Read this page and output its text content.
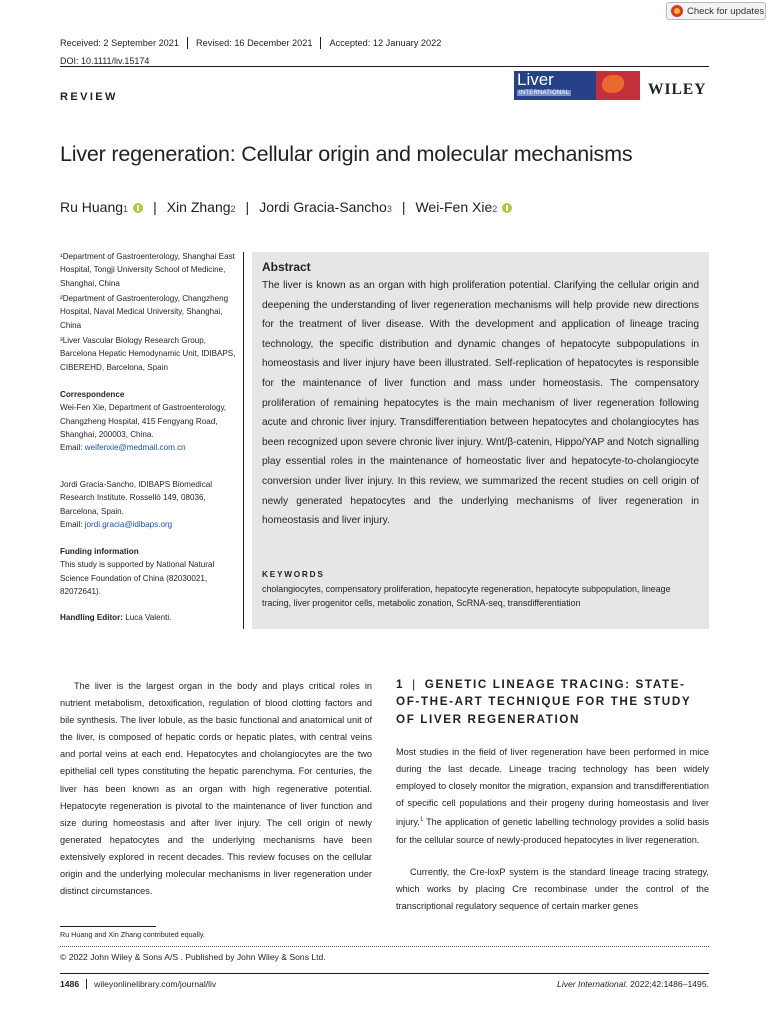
Check for updates
Received: 2 September 2021	Revised: 16 December 2021	Accepted: 12 January 2022
DOI: 10.1111/liv.15174
REVIEW
Liver
INTERNATIONAL	WILEY
Liver regeneration: Cellular origin and molecular mechanisms
Ru Huang 1 | Xin Zhang 2 | Jordi Gracia-Sancho 3 | Wei-Fen Xie 2
¹Department of Gastroenterology, Shanghai East Hospital, Tongji University School of Medicine, Shanghai, China
²Department of Gastroenterology, Changzheng Hospital, Naval Medical University, Shanghai, China
³Liver Vascular Biology Research Group, Barcelona Hepatic Hemodynamic Unit, IDIBAPS, CIBEREHD, Barcelona, Spain
Correspondence
Wei-Fen Xie, Department of Gastroenterology, Changzheng Hospital, 415 Fengyang Road, Shanghai, 200003, China.
Email: weifenxie@medmail.com.cn
Jordi Gracia-Sancho, IDIBAPS Biomedical Research Institute. Rosselló 149, 08036, Barcelona, Spain.
Email: jordi.gracia@idibaps.org
Funding information
This study is supported by National Natural Science Foundation of China (82030021, 82072641).
Handling Editor: Luca Valenti.
Abstract
The liver is known as an organ with high proliferation potential. Clarifying the cellular origin and deepening the understanding of liver regeneration mechanisms will help provide new directions for the treatment of liver disease. With the development and application of lineage tracing technology, the specific distribution and dynamic changes of hepatocyte subpopulations in homeostasis and liver injury have been illustrated. Self-replication of hepatocytes is responsible for the maintenance of liver function and mass under homeostasis. The compensatory proliferation of remaining hepatocytes is the main mechanism of liver regeneration following acute and chronic liver injury. Transdifferentiation between hepatocytes and cholangiocytes has been recognized upon severe chronic liver injury. Wnt/β-catenin, Hippo/YAP and Notch signalling play essential roles in the maintenance of homeostatic liver and hepatocyte-to-cholangiocyte conversion under liver injury. In this review, we summarized the recent studies on cell origin of newly generated hepatocytes and the underlying mechanisms of liver regeneration in homeostasis and liver injury.
KEYWORDS
cholangiocytes, compensatory proliferation, hepatocyte regeneration, hepatocyte subpopulation, lineage tracing, liver progenitor cells, metabolic zonation, ScRNA-seq, transdifferentiation
The liver is the largest organ in the body and plays critical roles in nutrient metabolism, detoxification, regulation of blood clotting factors and bile synthesis. The liver lobule, as the basic functional and anatomical unit of the liver, is composed of hepatic cords or hepatic plates, with central veins and portal veins at each end. Hepatocytes and cholangiocytes are the two epithelial cell types constituting the hepatic parenchyma. For centuries, the liver has been known as an organ with high regenerative potential. Hepatocyte regeneration is pivotal to the maintenance of liver function and size during homeostasis and after liver injury. The cell origin of newly generated hepatocytes and the underlying mechanisms have been extensively explored in recent decades. This review focuses on the cellular origin and the underlying molecular mechanisms in liver regeneration under distinct circumstances.
1 | GENETIC LINEAGE TRACING: STATE-OF-THE-ART TECHNIQUE FOR THE STUDY OF LIVER REGENERATION
Most studies in the field of liver regeneration have been performed in mice during the last decade. Lineage tracing technology has been widely employed to closely monitor the migration, expansion and transdifferentiation of specific cell populations and their progeny during homeostasis and liver injury.$^1$ The application of genetic labelling technology provides a solid basis for the cellular source of newly-produced hepatocytes in liver regeneration.
Currently, the Cre-loxP system is the standard lineage tracing strategy, which works by placing Cre recombinase under the control of the transcriptional regulatory sequence of certain marker genes
Ru Huang and Xin Zhang contributed equally.
© 2022 John Wiley & Sons A/S . Published by John Wiley & Sons Ltd.
1486	wileyonlinelibrary.com/journal/liv	Liver International. 2022;42:1486–1495.
